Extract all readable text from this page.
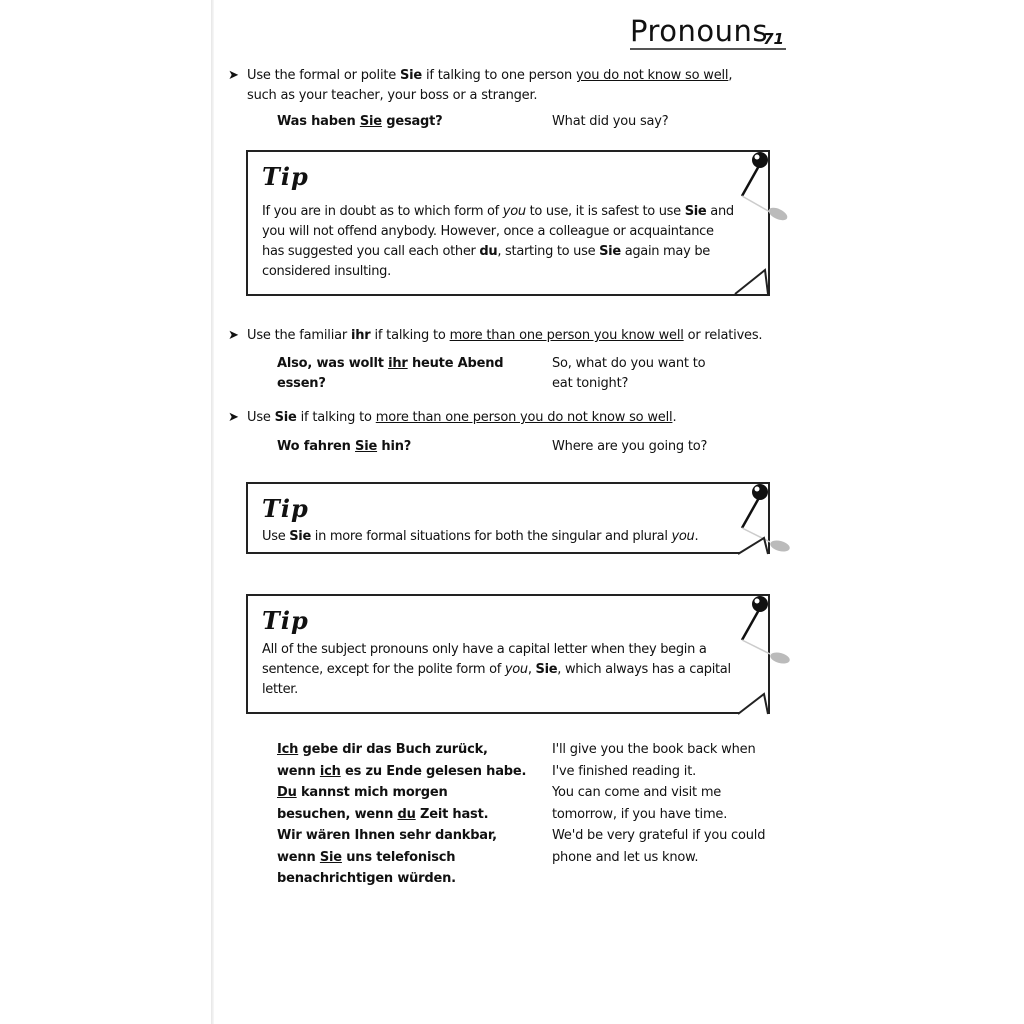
Pronouns
71
➤ Use the formal or polite Sie if talking to one person you do not know so well,
such as your teacher, your boss or a stranger.
Was haben Sie gesagt?	What did you say?
Tip
If you are in doubt as to which form of you to use, it is safest to use Sie and
you will not offend anybody. However, once a colleague or acquaintance
has suggested you call each other du, starting to use Sie again may be
considered insulting.
➤ Use the familiar ihr if talking to more than one person you know well or relatives.
Also, was wollt ihr heute Abend
essen?
So, what do you want to
eat tonight?
➤ Use Sie if talking to more than one person you do not know so well.
Wo fahren Sie hin?	Where are you going to?
Tip
Use Sie in more formal situations for both the singular and plural you.
Tip
All of the subject pronouns only have a capital letter when they begin a
sentence, except for the polite form of you, Sie, which always has a capital
letter.
Ich gebe dir das Buch zurück,
wenn ich es zu Ende gelesen habe.
Du kannst mich morgen
besuchen, wenn du Zeit hast.
Wir wären Ihnen sehr dankbar,
wenn Sie uns telefonisch
benachrichtigen würden.
I'll give you the book back when
I've finished reading it.
You can come and visit me
tomorrow, if you have time.
We'd be very grateful if you could
phone and let us know.
